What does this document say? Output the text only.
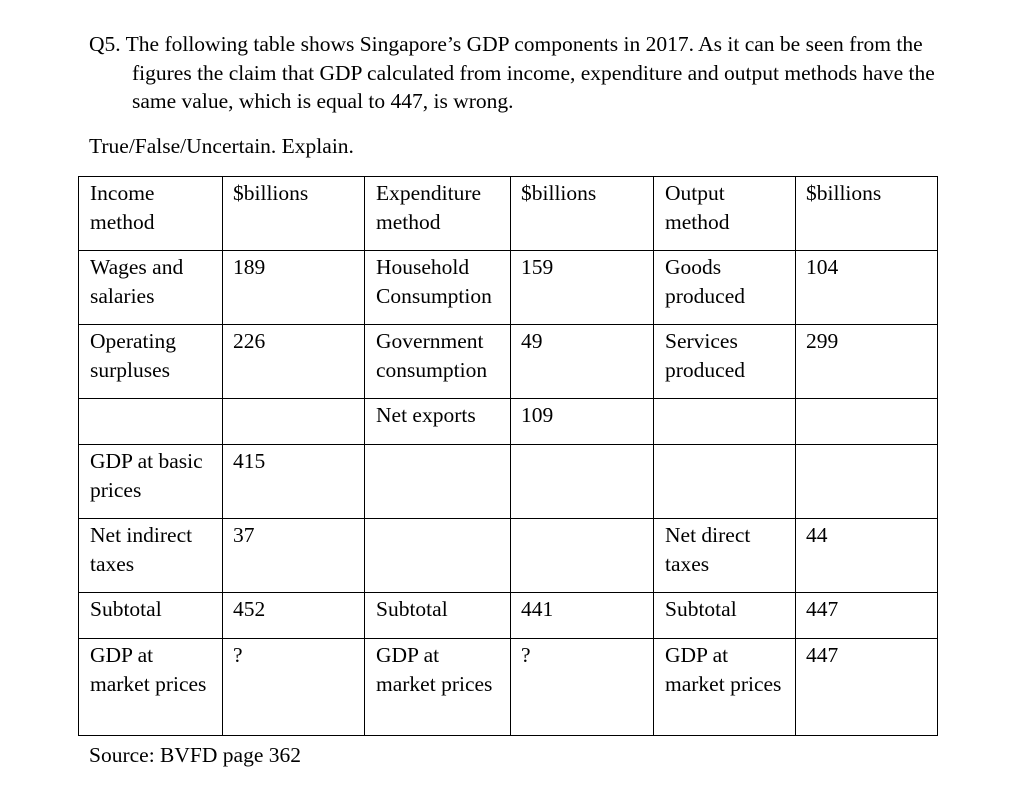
Q5. The following table shows Singapore’s GDP components in 2017. As it can be seen from the figures the claim that GDP calculated from income, expenditure and output methods have the same value, which is equal to 447, is wrong.

True/False/Uncertain. Explain.

Income method	$billions	Expenditure method	$billions	Output method	$billions
Wages and salaries	189	Household Consumption	159	Goods produced	104
Operating surpluses	226	Government consumption	49	Services produced	299
		Net exports	109		
GDP at basic prices	415				
Net indirect taxes	37			Net direct taxes	44
Subtotal	452	Subtotal	441	Subtotal	447
GDP at market prices	?	GDP at market prices	?	GDP at market prices	447

Source: BVFD page 362
